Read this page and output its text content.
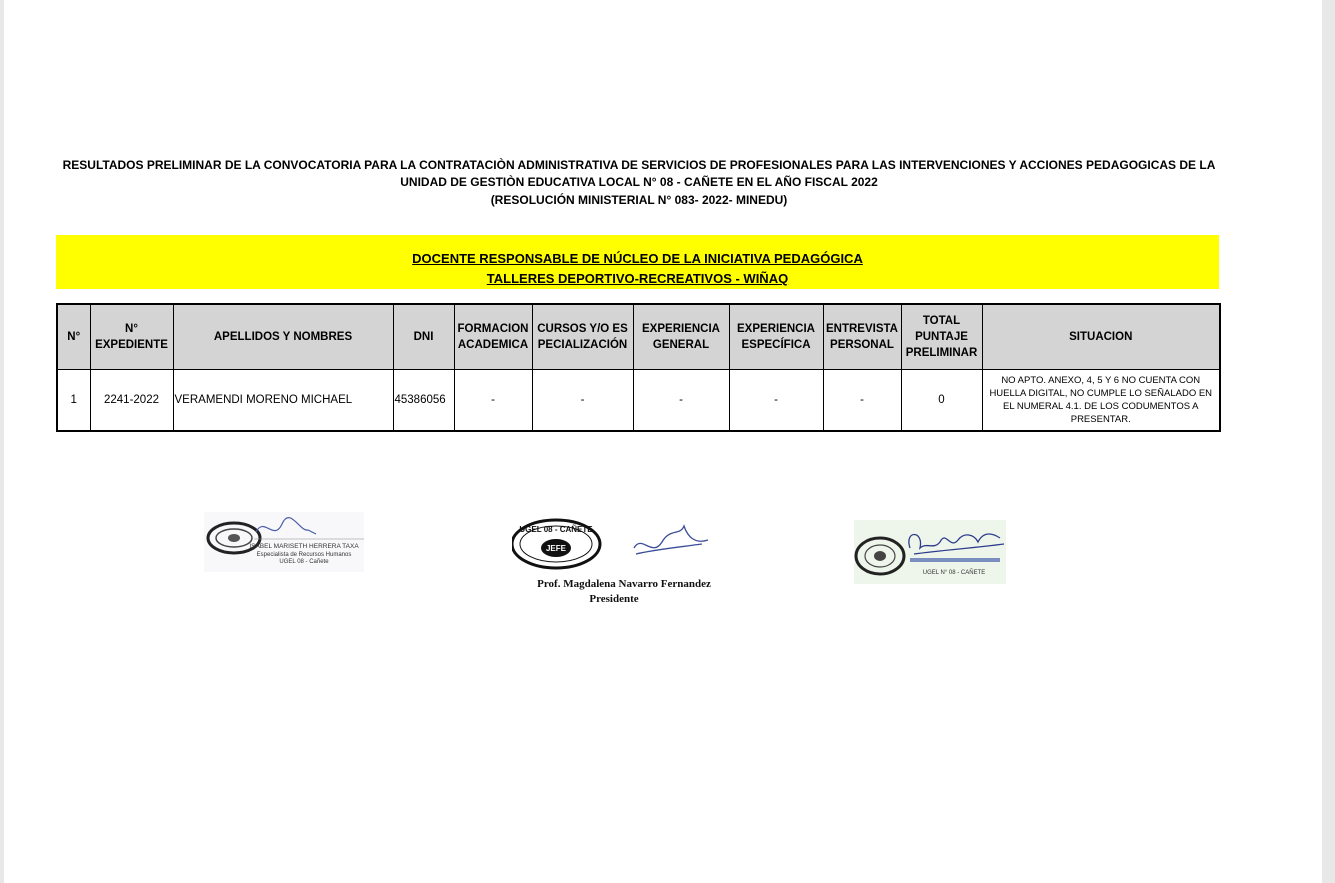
RESULTADOS PRELIMINAR DE LA CONVOCATORIA PARA LA CONTRATACIÒN ADMINISTRATIVA DE SERVICIOS DE PROFESIONALES PARA LAS INTERVENCIONES Y ACCIONES PEDAGOGICAS DE LA
UNIDAD DE GESTIÒN EDUCATIVA LOCAL N° 08 - CAÑETE EN EL AÑO FISCAL 2022
(RESOLUCIÓN MINISTERIAL N° 083- 2022- MINEDU)
DOCENTE RESPONSABLE DE NÚCLEO DE LA INICIATIVA PEDAGÓGICA
TALLERES DEPORTIVO-RECREATIVOS - WIÑAQ
N°	N° EXPEDIENTE	APELLIDOS Y NOMBRES	DNI	FORMACION ACADEMICA	CURSOS Y/O ESPECIALIZACIÓN	EXPERIENCIA GENERAL	EXPERIENCIA ESPECÍFICA	ENTREVISTA PERSONAL	TOTAL PUNTAJE PRELIMINAR	SITUACION
1	2241-2022	VERAMENDI MORENO MICHAEL	45386056	-	-	-	-	-	0	NO APTO. ANEXO, 4, 5 Y 6 NO CUENTA CON HUELLA DIGITAL, NO CUMPLE LO SEÑALADO EN EL NUMERAL 4.1. DE LOS CODUMENTOS A PRESENTAR.
ISABEL MARISETH HERRERA TAXA
Especialista de Recursos Humanos
UGEL 08 - Cañete
UGEL 08 - CAÑETE
JEFE
Prof. Magdalena Navarro Fernandez
Presidente
UGEL N° 08 - CAÑETE
